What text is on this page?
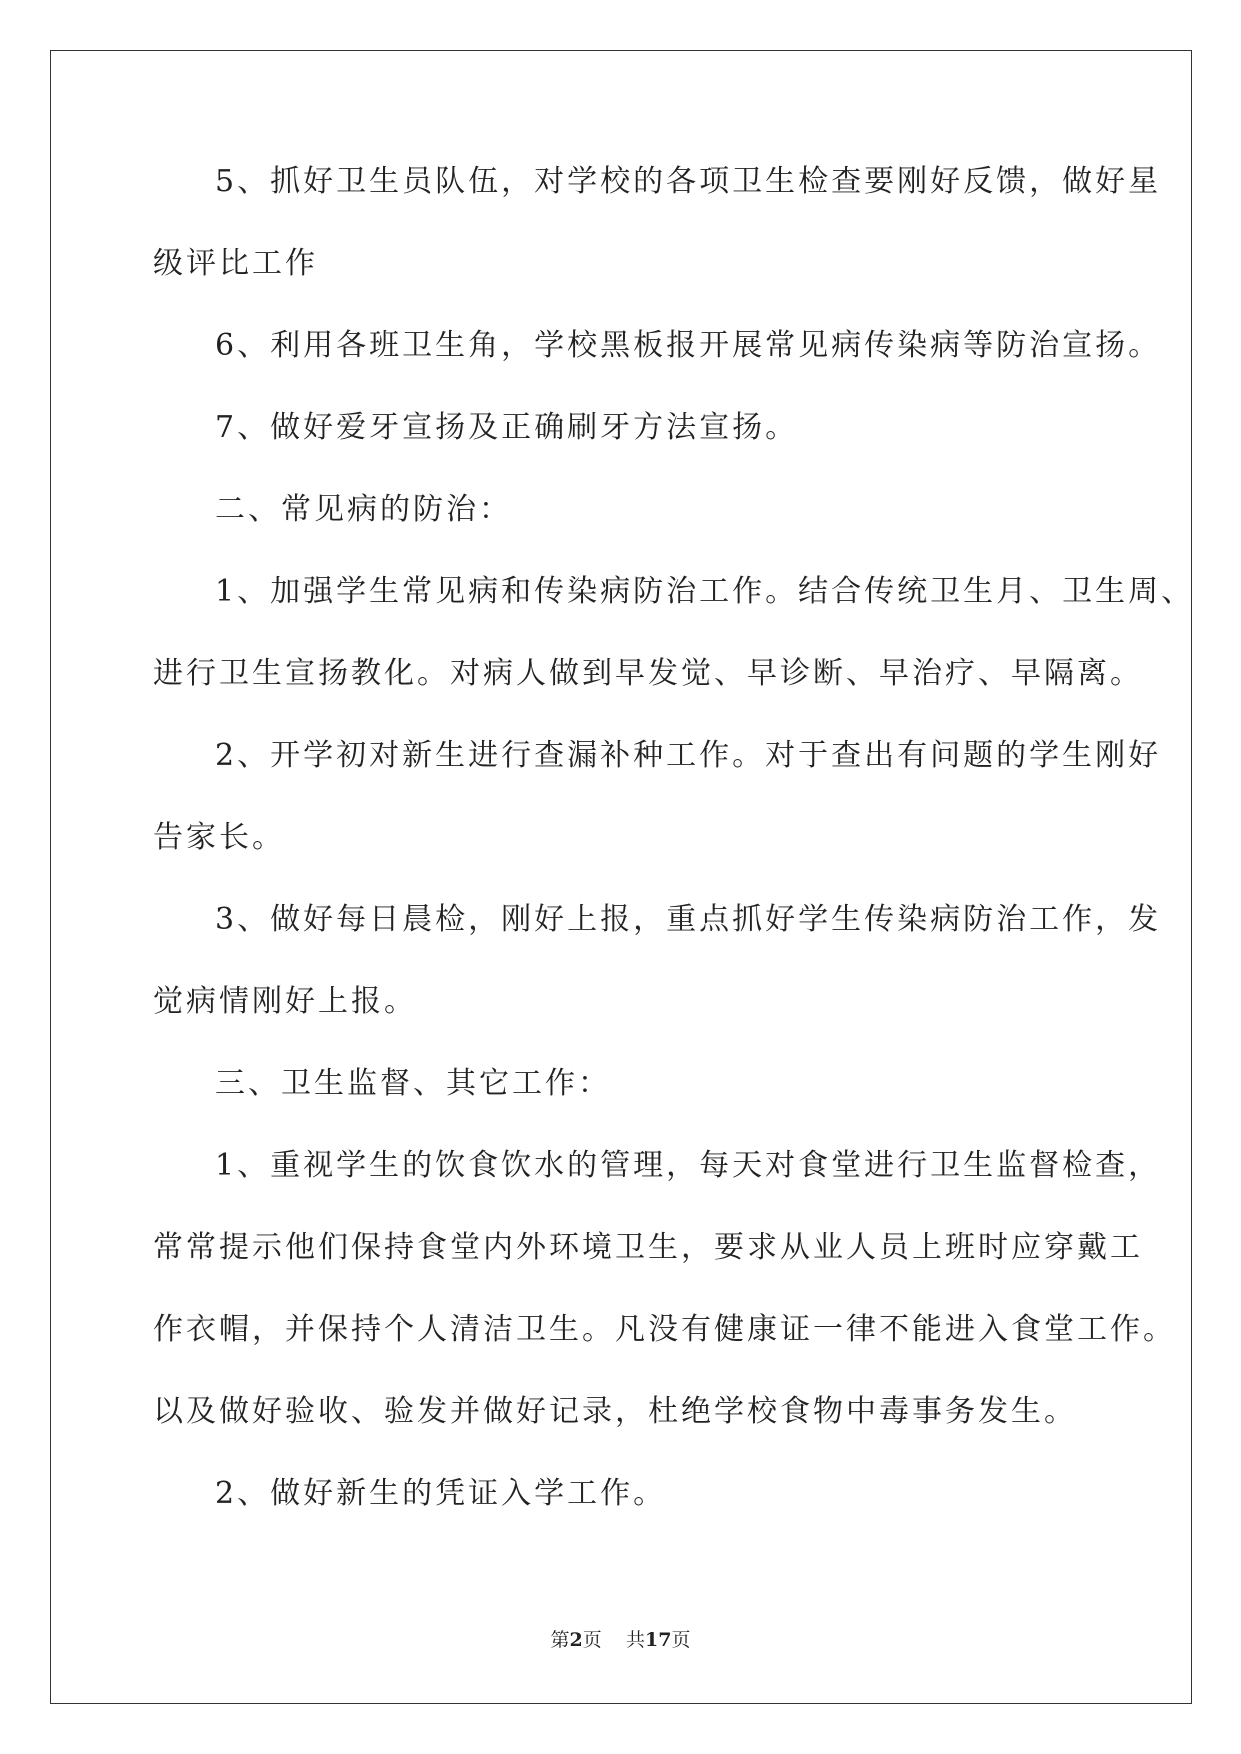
5、抓好卫生员队伍，对学校的各项卫生检查要刚好反馈，做好星
级评比工作
6、利用各班卫生角，学校黑板报开展常见病传染病等防治宣扬。
7、做好爱牙宣扬及正确刷牙方法宣扬。
二、常见病的防治：
1、加强学生常见病和传染病防治工作。结合传统卫生月、卫生周、
进行卫生宣扬教化。对病人做到早发觉、早诊断、早治疗、早隔离。
2、开学初对新生进行查漏补种工作。对于查出有问题的学生刚好
告家长。
3、做好每日晨检，刚好上报，重点抓好学生传染病防治工作，发
觉病情刚好上报。
三、卫生监督、其它工作：
1、重视学生的饮食饮水的管理，每天对食堂进行卫生监督检查，
常常提示他们保持食堂内外环境卫生，要求从业人员上班时应穿戴工
作衣帽，并保持个人清洁卫生。凡没有健康证一律不能进入食堂工作。
以及做好验收、验发并做好记录，杜绝学校食物中毒事务发生。
2、做好新生的凭证入学工作。
第2页 共17页
